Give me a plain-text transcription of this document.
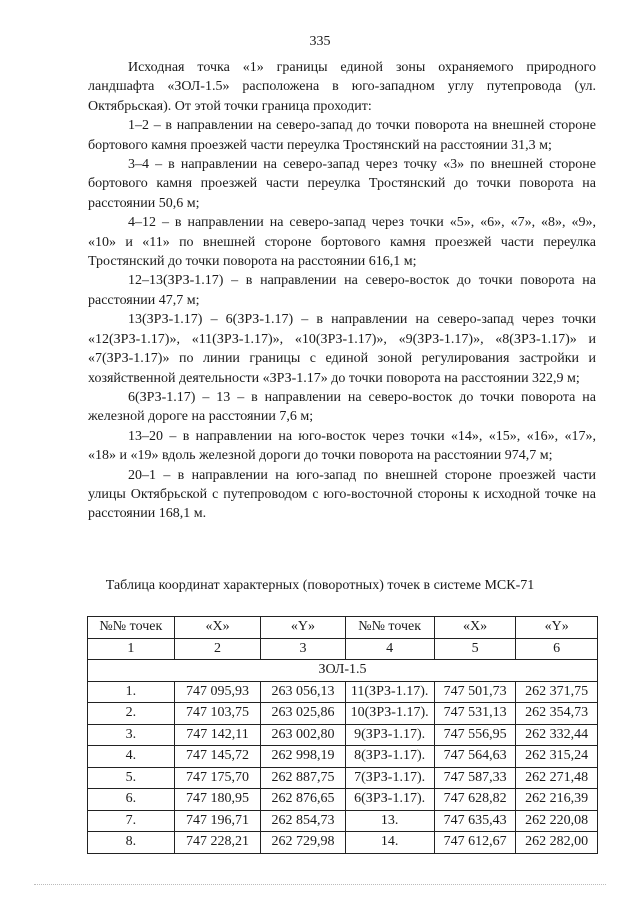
335

Исходная точка «1» границы единой зоны охраняемого природного ландшафта «ЗОЛ-1.5» расположена в юго-западном углу путепровода (ул. Октябрьская). От этой точки граница проходит:

1–2 – в направлении на северо-запад до точки поворота на внешней стороне бортового камня проезжей части переулка Тростянский на расстоянии 31,3 м;

3–4 – в направлении на северо-запад через точку «3» по внешней стороне бортового камня проезжей части переулка Тростянский до точки поворота на расстоянии 50,6 м;

4–12 – в направлении на северо-запад через точки «5», «6», «7», «8», «9», «10» и «11» по внешней стороне бортового камня проезжей части переулка Тростянский до точки поворота на расстоянии 616,1 м;

12–13(ЗРЗ-1.17) – в направлении на северо-восток до точки поворота на расстоянии 47,7 м;

13(ЗРЗ-1.17) – 6(ЗРЗ-1.17) – в направлении на северо-запад через точки «12(ЗРЗ-1.17)», «11(ЗРЗ-1.17)», «10(ЗРЗ-1.17)», «9(ЗРЗ-1.17)», «8(ЗРЗ-1.17)» и «7(ЗРЗ-1.17)» по линии границы с единой зоной регулирования застройки и хозяйственной деятельности «ЗРЗ-1.17» до точки поворота на расстоянии 322,9 м;

6(ЗРЗ-1.17) – 13 – в направлении на северо-восток до точки поворота на железной дороге на расстоянии 7,6 м;

13–20 – в направлении на юго-восток через точки «14», «15», «16», «17», «18» и «19» вдоль железной дороги до точки поворота на расстоянии 974,7 м;

20–1 – в направлении на юго-запад по внешней стороне проезжей части улицы Октябрьской с путепроводом с юго-восточной стороны к исходной точке на расстоянии 168,1 м.

Таблица координат характерных (поворотных) точек в системе МСК-71
№№ точек	«X»	«Y»	№№ точек	«X»	«Y»
1	2	3	4	5	6
ЗОЛ-1.5					
1.	747 095,93	263 056,13	11(ЗРЗ-1.17).	747 501,73	262 371,75
2.	747 103,75	263 025,86	10(ЗРЗ-1.17).	747 531,13	262 354,73
3.	747 142,11	263 002,80	9(ЗРЗ-1.17).	747 556,95	262 332,44
4.	747 145,72	262 998,19	8(ЗРЗ-1.17).	747 564,63	262 315,24
5.	747 175,70	262 887,75	7(ЗРЗ-1.17).	747 587,33	262 271,48
6.	747 180,95	262 876,65	6(ЗРЗ-1.17).	747 628,82	262 216,39
7.	747 196,71	262 854,73	13.	747 635,43	262 220,08
8.	747 228,21	262 729,98	14.	747 612,67	262 282,00
